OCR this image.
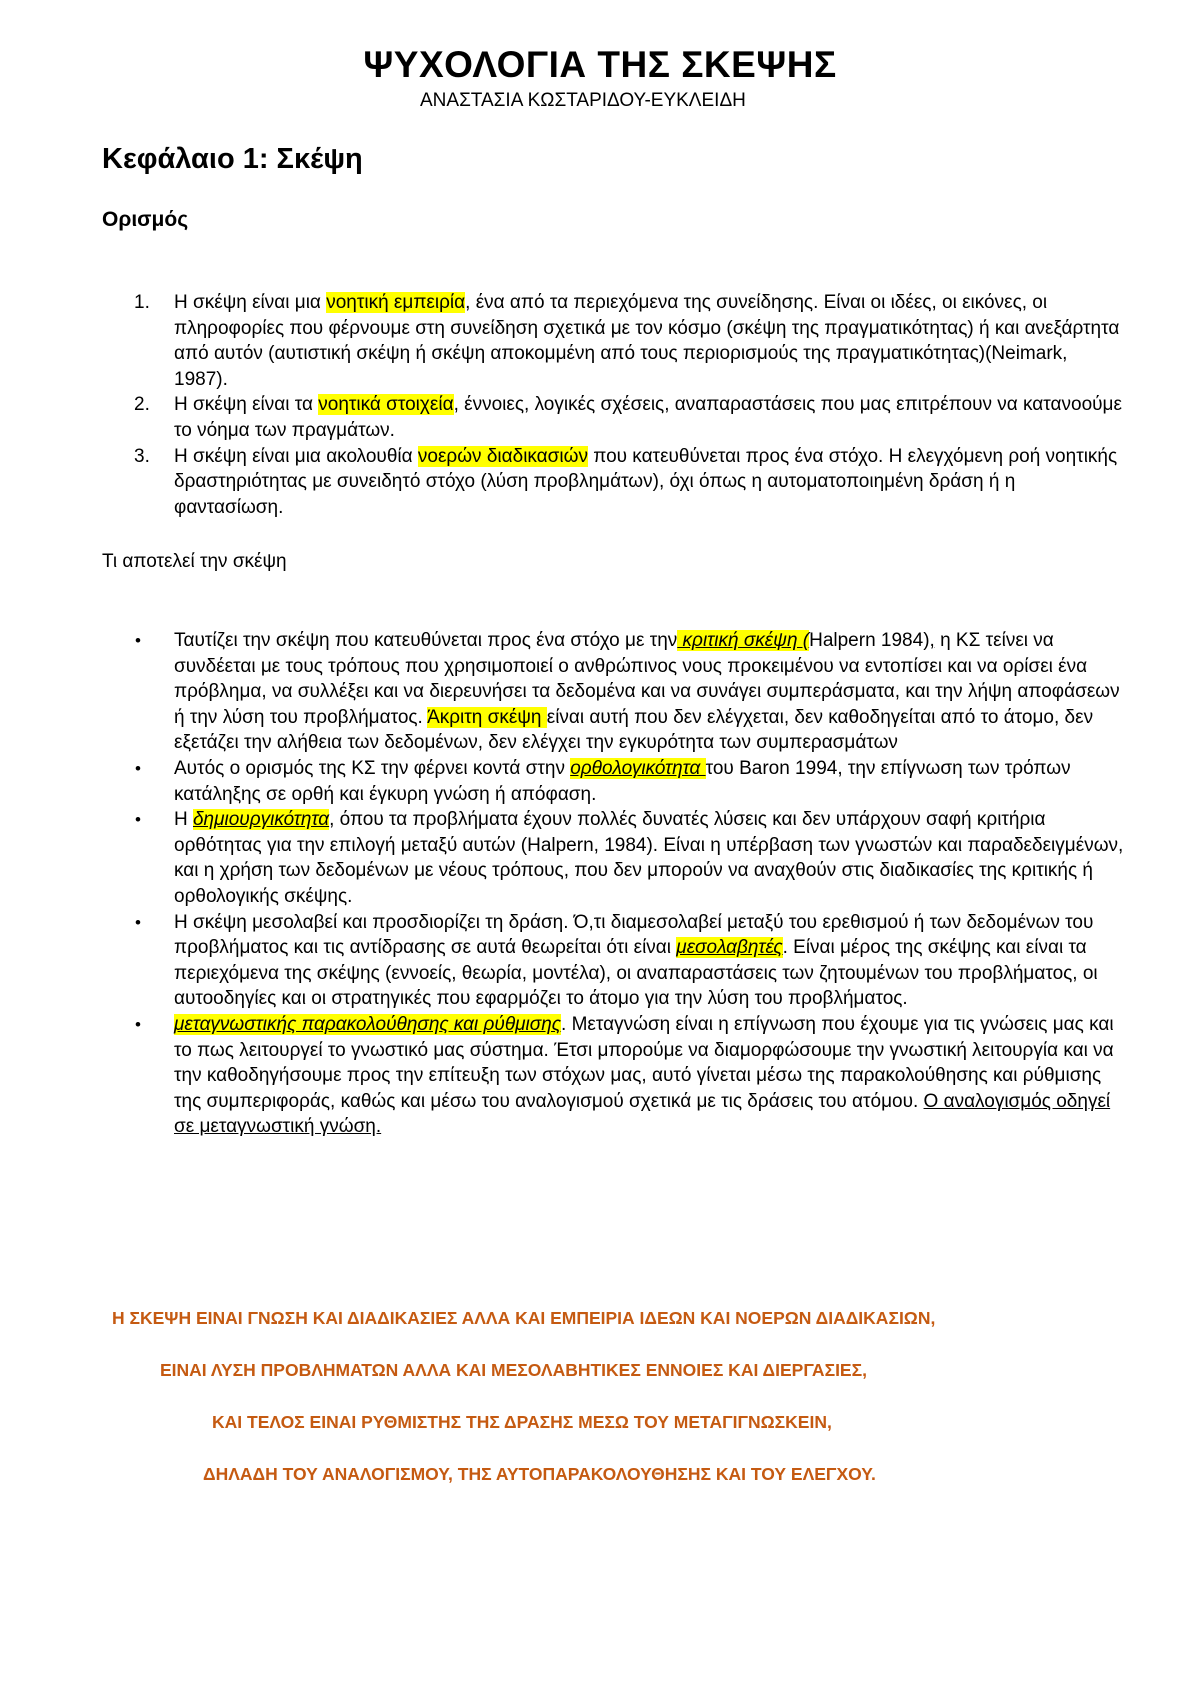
ΨΥΧΟΛΟΓΙΑ ΤΗΣ ΣΚΕΨΗΣ

ΑΝΑΣΤΑΣΙΑ ΚΩΣΤΑΡΙΔΟΥ-ΕΥΚΛΕΙΔΗ

Κεφάλαιο 1: Σκέψη
Ορισμός
1. Η σκέψη είναι μια νοητική εμπειρία, ένα από τα περιεχόμενα της συνείδησης. Είναι οι ιδέες, οι εικόνες, οι πληροφορίες που φέρνουμε στη συνείδηση σχετικά με τον κόσμο (σκέψη της πραγματικότητας) ή και ανεξάρτητα από αυτόν (αυτιστική σκέψη ή σκέψη αποκομμένη από τους περιορισμούς της πραγματικότητας)(Neimark, 1987).
2. Η σκέψη είναι τα νοητικά στοιχεία, έννοιες, λογικές σχέσεις, αναπαραστάσεις που μας επιτρέπουν να κατανοούμε το νόημα των πραγμάτων.
3. Η σκέψη είναι μια ακολουθία νοερών διαδικασιών που κατευθύνεται προς ένα στόχο. Η ελεγχόμενη ροή νοητικής δραστηριότητας με συνειδητό στόχο (λύση προβλημάτων), όχι όπως η αυτοματοποιημένη δράση ή η φαντασίωση.

Τι αποτελεί την σκέψη

• Ταυτίζει την σκέψη που κατευθύνεται προς ένα στόχο με την κριτική σκέψη (Halpern 1984), η ΚΣ τείνει να συνδέεται με τους τρόπους που χρησιμοποιεί ο ανθρώπινος νους προκειμένου να εντοπίσει και να ορίσει ένα πρόβλημα, να συλλέξει και να διερευνήσει τα δεδομένα και να συνάγει συμπεράσματα, και την λήψη αποφάσεων ή την λύση του προβλήματος. Άκριτη σκέψη είναι αυτή που δεν ελέγχεται, δεν καθοδηγείται από το άτομο, δεν εξετάζει την αλήθεια των δεδομένων, δεν ελέγχει την εγκυρότητα των συμπερασμάτων
• Αυτός ο ορισμός της ΚΣ την φέρνει κοντά στην ορθολογικότητα του Baron 1994, την επίγνωση των τρόπων κατάληξης σε ορθή και έγκυρη γνώση ή απόφαση.
• Η δημιουργικότητα, όπου τα προβλήματα έχουν πολλές δυνατές λύσεις και δεν υπάρχουν σαφή κριτήρια ορθότητας για την επιλογή μεταξύ αυτών (Halpern, 1984). Είναι η υπέρβαση των γνωστών και παραδεδειγμένων, και η χρήση των δεδομένων με νέους τρόπους, που δεν μπορούν να αναχθούν στις διαδικασίες της κριτικής ή ορθολογικής σκέψης.
• Η σκέψη μεσολαβεί και προσδιορίζει τη δράση. Ό,τι διαμεσολαβεί μεταξύ του ερεθισμού ή των δεδομένων του προβλήματος και τις αντίδρασης σε αυτά θεωρείται ότι είναι μεσολαβητές. Είναι μέρος της σκέψης και είναι τα περιεχόμενα της σκέψης (εννοείς, θεωρία, μοντέλα), οι αναπαραστάσεις των ζητουμένων του προβλήματος, οι αυτοοδηγίες και οι στρατηγικές που εφαρμόζει το άτομο για την λύση του προβλήματος.
• μεταγνωστικής παρακολούθησης και ρύθμισης. Μεταγνώση είναι η επίγνωση που έχουμε για τις γνώσεις μας και το πως λειτουργεί το γνωστικό μας σύστημα. Έτσι μπορούμε να διαμορφώσουμε την γνωστική λειτουργία και να την καθοδηγήσουμε προς την επίτευξη των στόχων μας, αυτό γίνεται μέσω της παρακολούθησης και ρύθμισης της συμπεριφοράς, καθώς και μέσω του αναλογισμού σχετικά με τις δράσεις του ατόμου. Ο αναλογισμός οδηγεί σε μεταγνωστική γνώση.

Η ΣΚΕΨΗ ΕΙΝΑΙ ΓΝΩΣΗ ΚΑΙ ΔΙΑΔΙΚΑΣΙΕΣ ΑΛΛΑ ΚΑΙ ΕΜΠΕΙΡΙΑ ΙΔΕΩΝ ΚΑΙ ΝΟΕΡΩΝ ΔΙΑΔΙΚΑΣΙΩΝ,

ΕΙΝΑΙ ΛΥΣΗ ΠΡΟΒΛΗΜΑΤΩΝ ΑΛΛΑ ΚΑΙ ΜΕΣΟΛΑΒΗΤΙΚΕΣ ΕΝΝΟΙΕΣ ΚΑΙ ΔΙΕΡΓΑΣΙΕΣ,

ΚΑΙ ΤΕΛΟΣ ΕΙΝΑΙ ΡΥΘΜΙΣΤΗΣ ΤΗΣ ΔΡΑΣΗΣ ΜΕΣΩ ΤΟΥ ΜΕΤΑΓΙΓΝΩΣΚΕΙΝ,

ΔΗΛΑΔΗ ΤΟΥ ΑΝΑΛΟΓΙΣΜΟΥ, ΤΗΣ ΑΥΤΟΠΑΡΑΚΟΛΟΥΘΗΣΗΣ ΚΑΙ ΤΟΥ ΕΛΕΓΧΟΥ.
